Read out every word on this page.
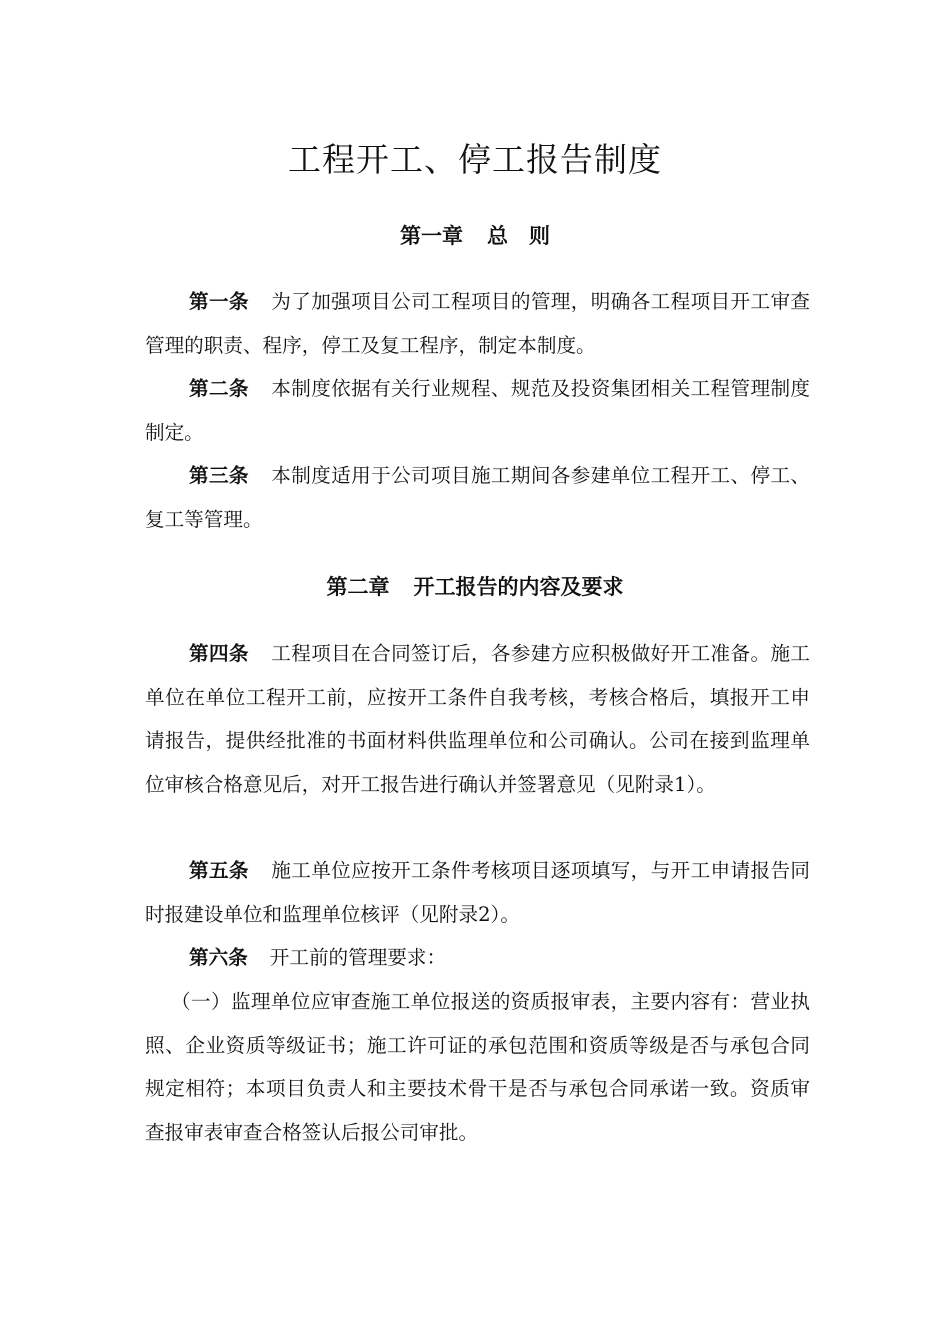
工程开工、停工报告制度
第一章 总　则
第一条 为了加强项目公司工程项目的管理，明确各工程项目开工审查管理的职责、程序，停工及复工程序，制定本制度。
第二条 本制度依据有关行业规程、规范及投资集团相关工程管理制度制定。
第三条 本制度适用于公司项目施工期间各参建单位工程开工、停工、复工等管理。
第二章 开工报告的内容及要求
第四条 工程项目在合同签订后，各参建方应积极做好开工准备。施工单位在单位工程开工前，应按开工条件自我考核，考核合格后，填报开工申请报告，提供经批准的书面材料供监理单位和公司确认。公司在接到监理单位审核合格意见后，对开工报告进行确认并签署意见（见附录1）。
第五条 施工单位应按开工条件考核项目逐项填写，与开工申请报告同时报建设单位和监理单位核评（见附录2）。
第六条 开工前的管理要求：
（一）监理单位应审查施工单位报送的资质报审表，主要内容有：营业执照、企业资质等级证书；施工许可证的承包范围和资质等级是否与承包合同规定相符；本项目负责人和主要技术骨干是否与承包合同承诺一致。资质审查报审表审查合格签认后报公司审批。
